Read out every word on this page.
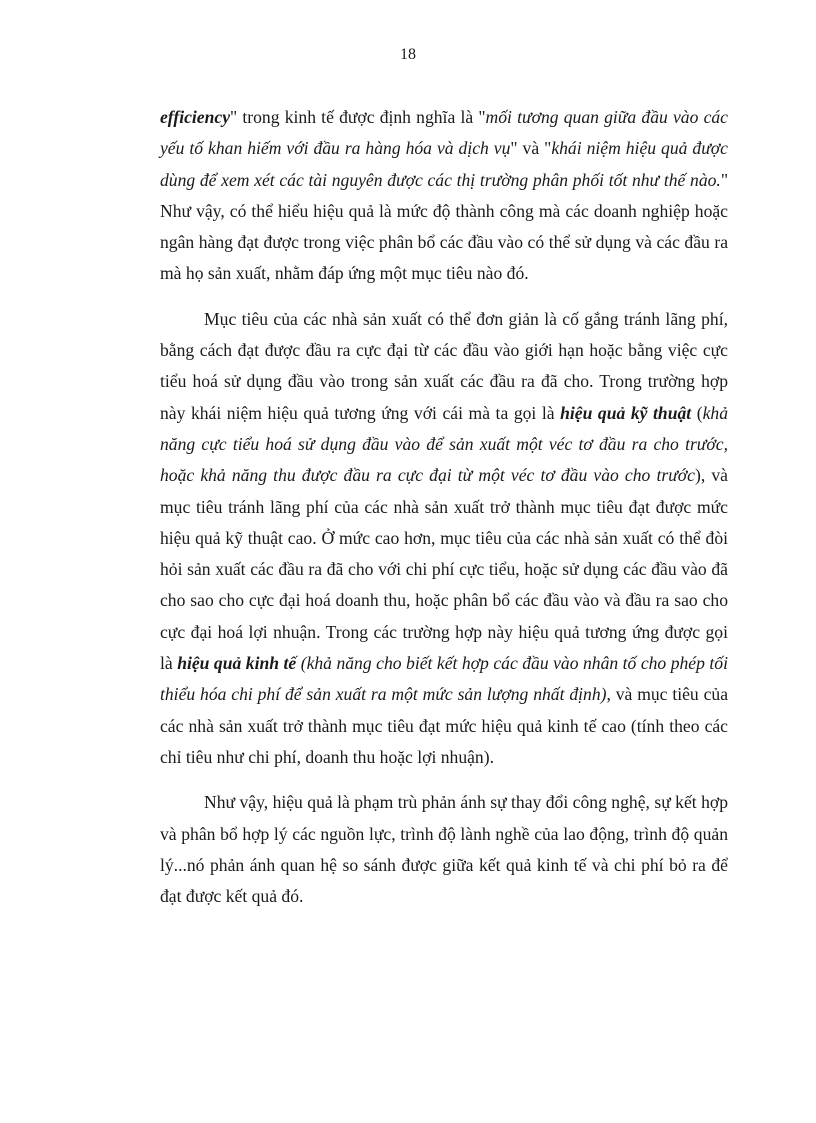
18

efficiency" trong kinh tế được định nghĩa là "mối tương quan giữa đầu vào các yếu tố khan hiếm với đầu ra hàng hóa và dịch vụ" và "khái niệm hiệu quả được dùng để xem xét các tài nguyên được các thị trường phân phối tốt như thế nào." Như vậy, có thể hiểu hiệu quả là mức độ thành công mà các doanh nghiệp hoặc ngân hàng đạt được trong việc phân bổ các đầu vào có thể sử dụng và các đầu ra mà họ sản xuất, nhằm đáp ứng một mục tiêu nào đó.

Mục tiêu của các nhà sản xuất có thể đơn giản là cố gắng tránh lãng phí, bằng cách đạt được đầu ra cực đại từ các đầu vào giới hạn hoặc bằng việc cực tiểu hoá sử dụng đầu vào trong sản xuất các đầu ra đã cho. Trong trường hợp này khái niệm hiệu quả tương ứng với cái mà ta gọi là hiệu quả kỹ thuật (khả năng cực tiểu hoá sử dụng đầu vào để sản xuất một véc tơ đầu ra cho trước, hoặc khả năng thu được đầu ra cực đại từ một véc tơ đầu vào cho trước), và mục tiêu tránh lãng phí của các nhà sản xuất trở thành mục tiêu đạt được mức hiệu quả kỹ thuật cao. Ở mức cao hơn, mục tiêu của các nhà sản xuất có thể đòi hỏi sản xuất các đầu ra đã cho với chi phí cực tiểu, hoặc sử dụng các đầu vào đã cho sao cho cực đại hoá doanh thu, hoặc phân bổ các đầu vào và đầu ra sao cho cực đại hoá lợi nhuận. Trong các trường hợp này hiệu quả tương ứng được gọi là hiệu quả kinh tế (khả năng cho biết kết hợp các đầu vào nhân tố cho phép tối thiểu hóa chi phí để sản xuất ra một mức sản lượng nhất định), và mục tiêu của các nhà sản xuất trở thành mục tiêu đạt mức hiệu quả kinh tế cao (tính theo các chỉ tiêu như chi phí, doanh thu hoặc lợi nhuận).

Như vậy, hiệu quả là phạm trù phản ánh sự thay đổi công nghệ, sự kết hợp và phân bổ hợp lý các nguồn lực, trình độ lành nghề của lao động, trình độ quản lý...nó phản ánh quan hệ so sánh được giữa kết quả kinh tế và chi phí bỏ ra để đạt được kết quả đó.
